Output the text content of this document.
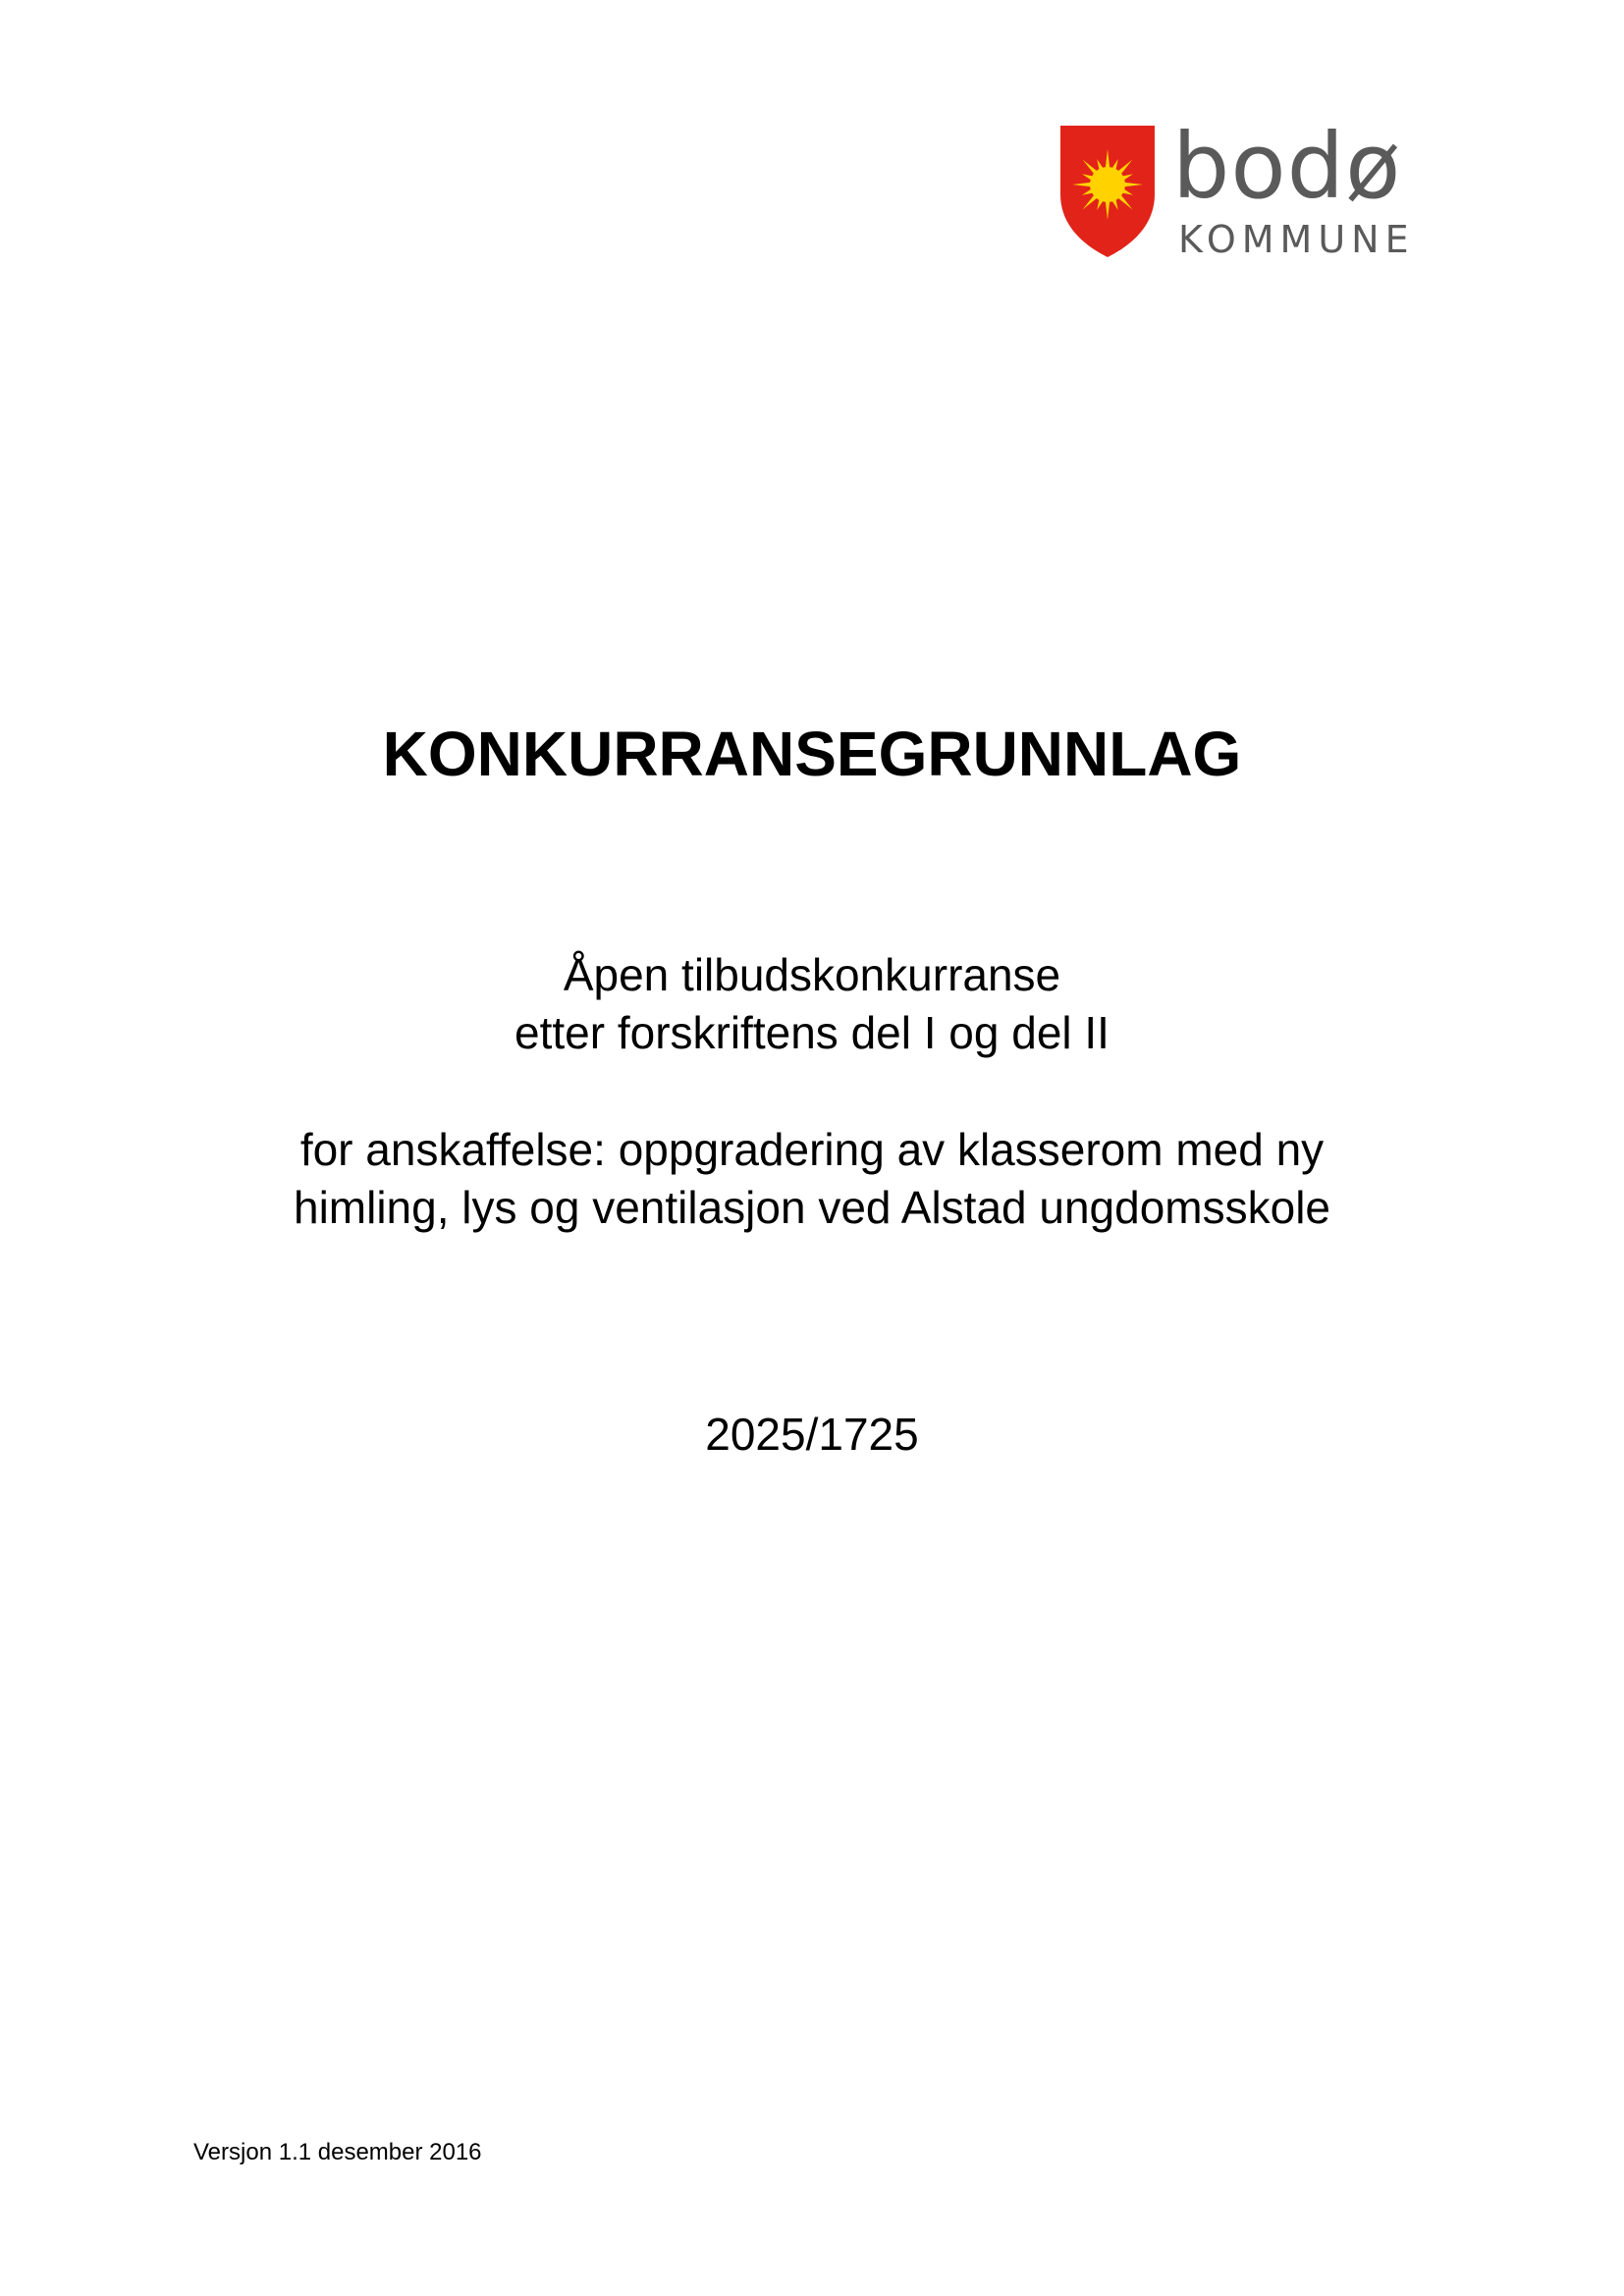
bodø
KOMMUNE
KONKURRANSEGRUNNLAG
Åpen tilbudskonkurranse
etter forskriftens del I og del II
for anskaffelse: oppgradering av klasserom med ny
himling, lys og ventilasjon ved Alstad ungdomsskole
2025/1725
Versjon 1.1 desember 2016
